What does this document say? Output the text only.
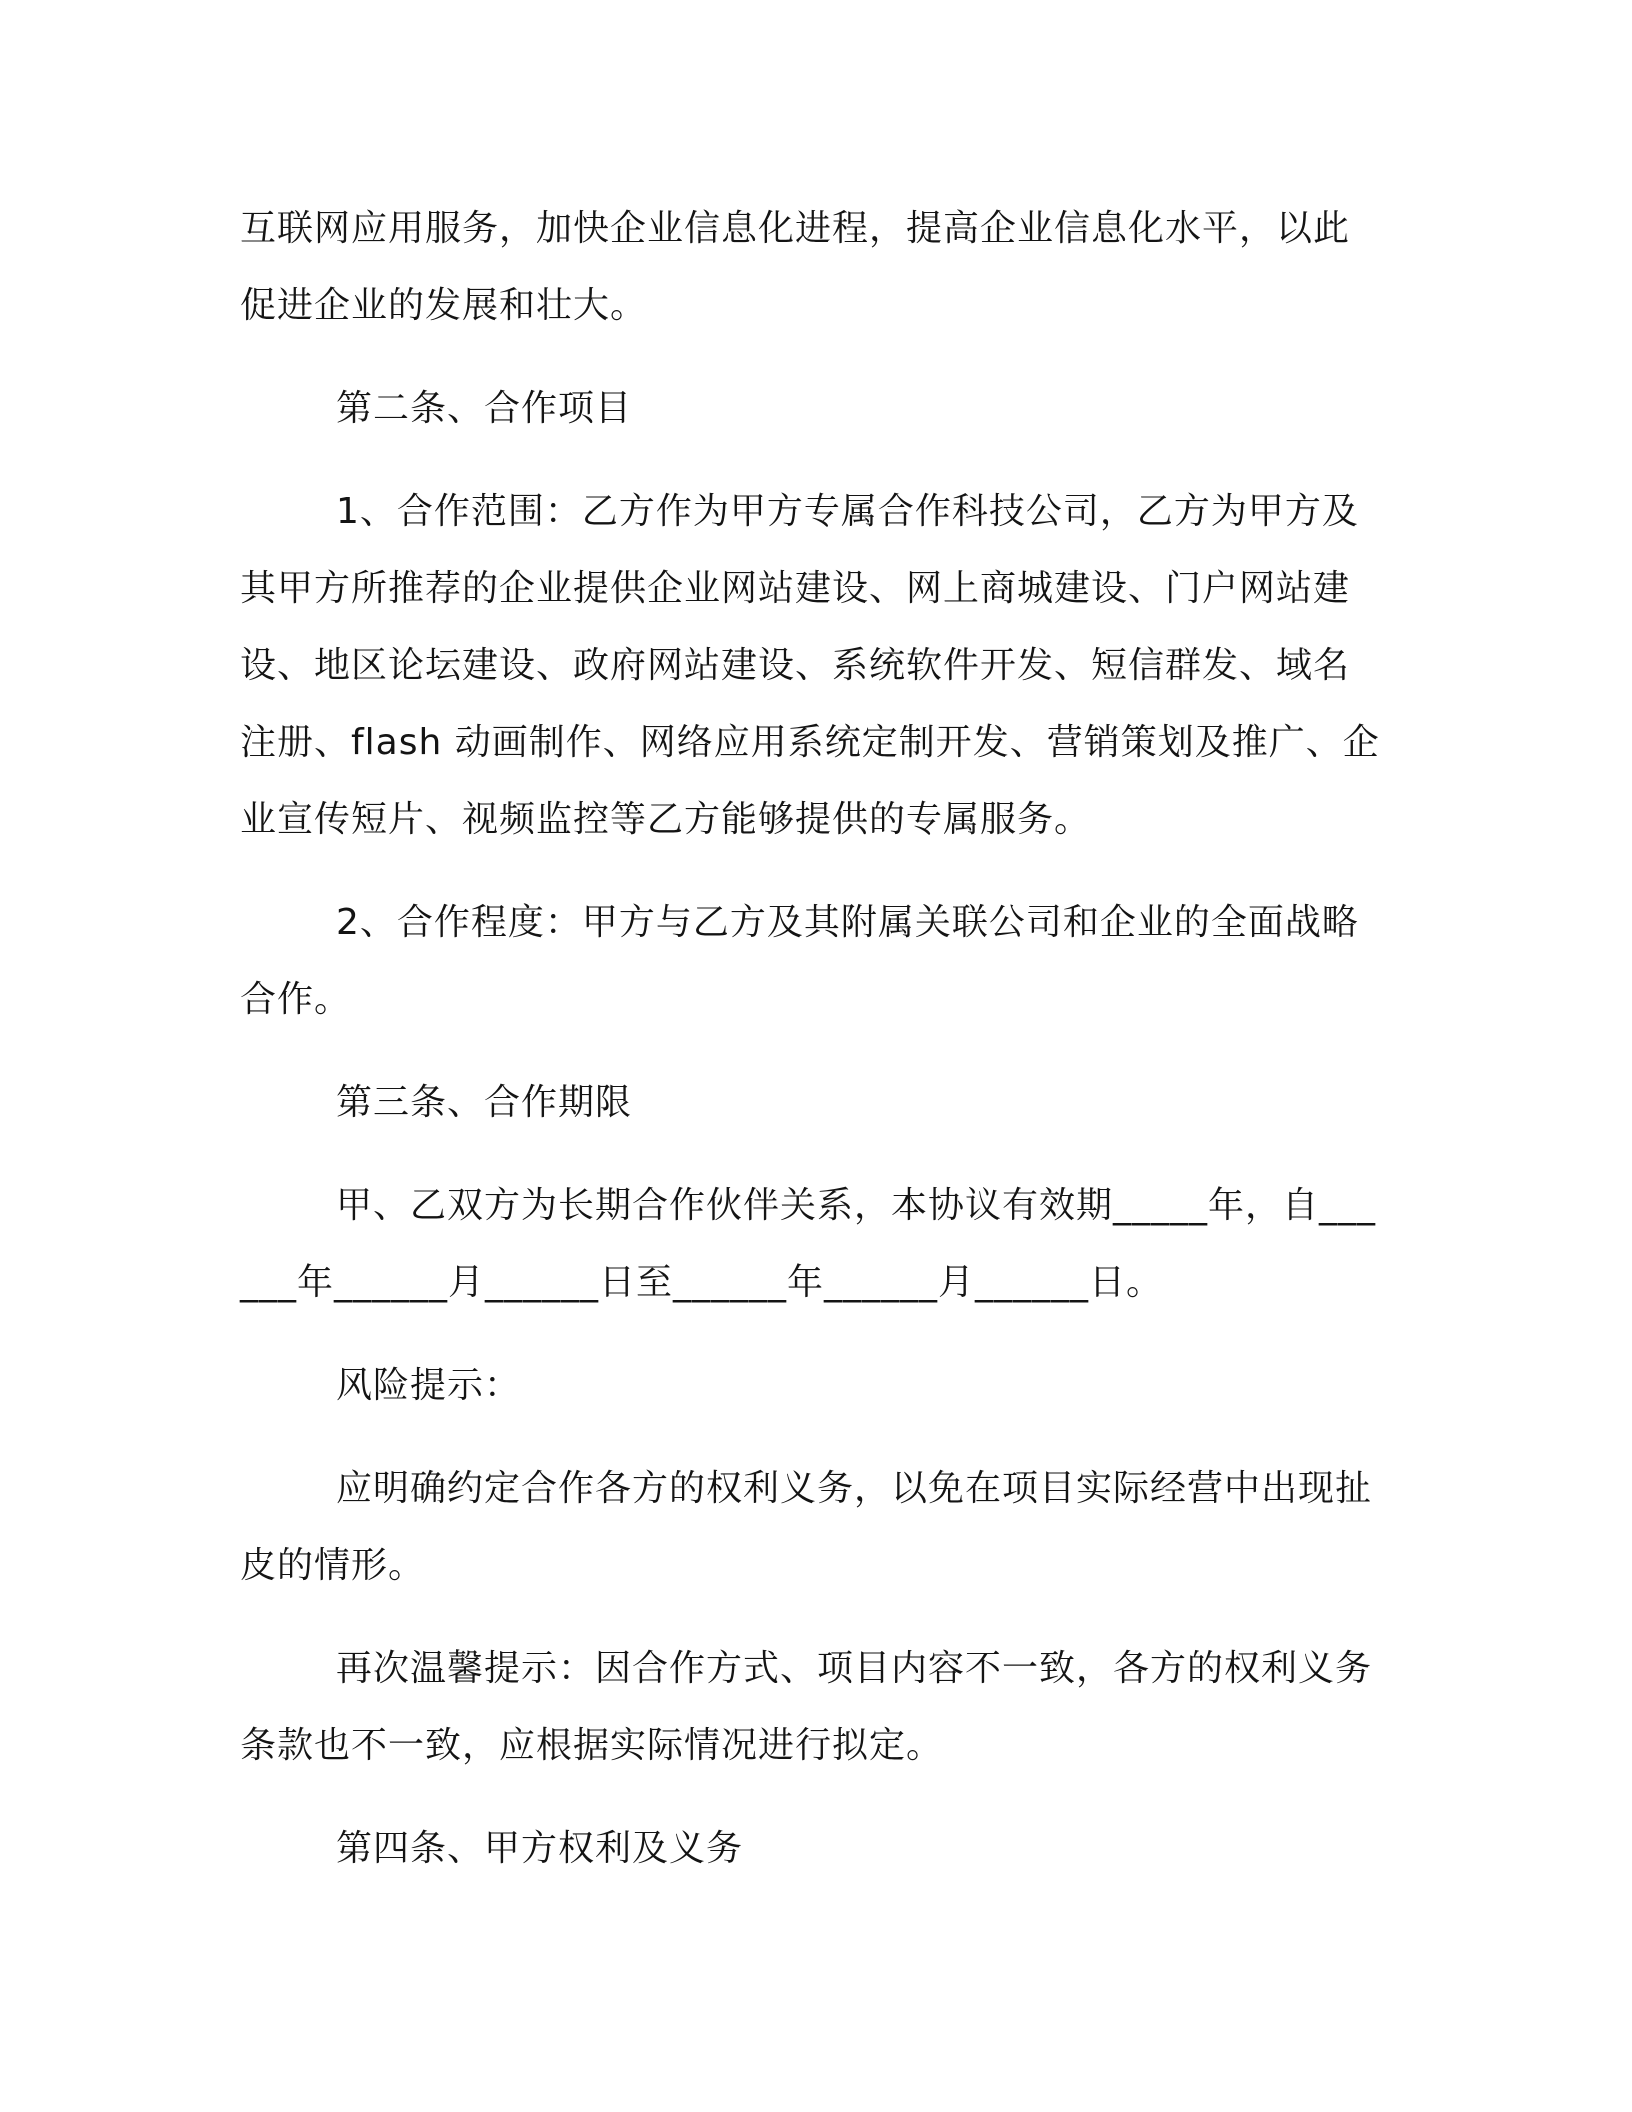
互联网应用服务，加快企业信息化进程，提高企业信息化水平，以此促进企业的发展和壮大。

第二条、合作项目

1、合作范围：乙方作为甲方专属合作科技公司，乙方为甲方及其甲方所推荐的企业提供企业网站建设、网上商城建设、门户网站建设、地区论坛建设、政府网站建设、系统软件开发、短信群发、域名注册、flash 动画制作、网络应用系统定制开发、营销策划及推广、企业宣传短片、视频监控等乙方能够提供的专属服务。

2、合作程度：甲方与乙方及其附属关联公司和企业的全面战略合作。

第三条、合作期限

甲、乙双方为长期合作伙伴关系，本协议有效期_____年，自______年______月______日至______年______月______日。

风险提示：

应明确约定合作各方的权利义务，以免在项目实际经营中出现扯皮的情形。

再次温馨提示：因合作方式、项目内容不一致，各方的权利义务条款也不一致，应根据实际情况进行拟定。

第四条、甲方权利及义务
